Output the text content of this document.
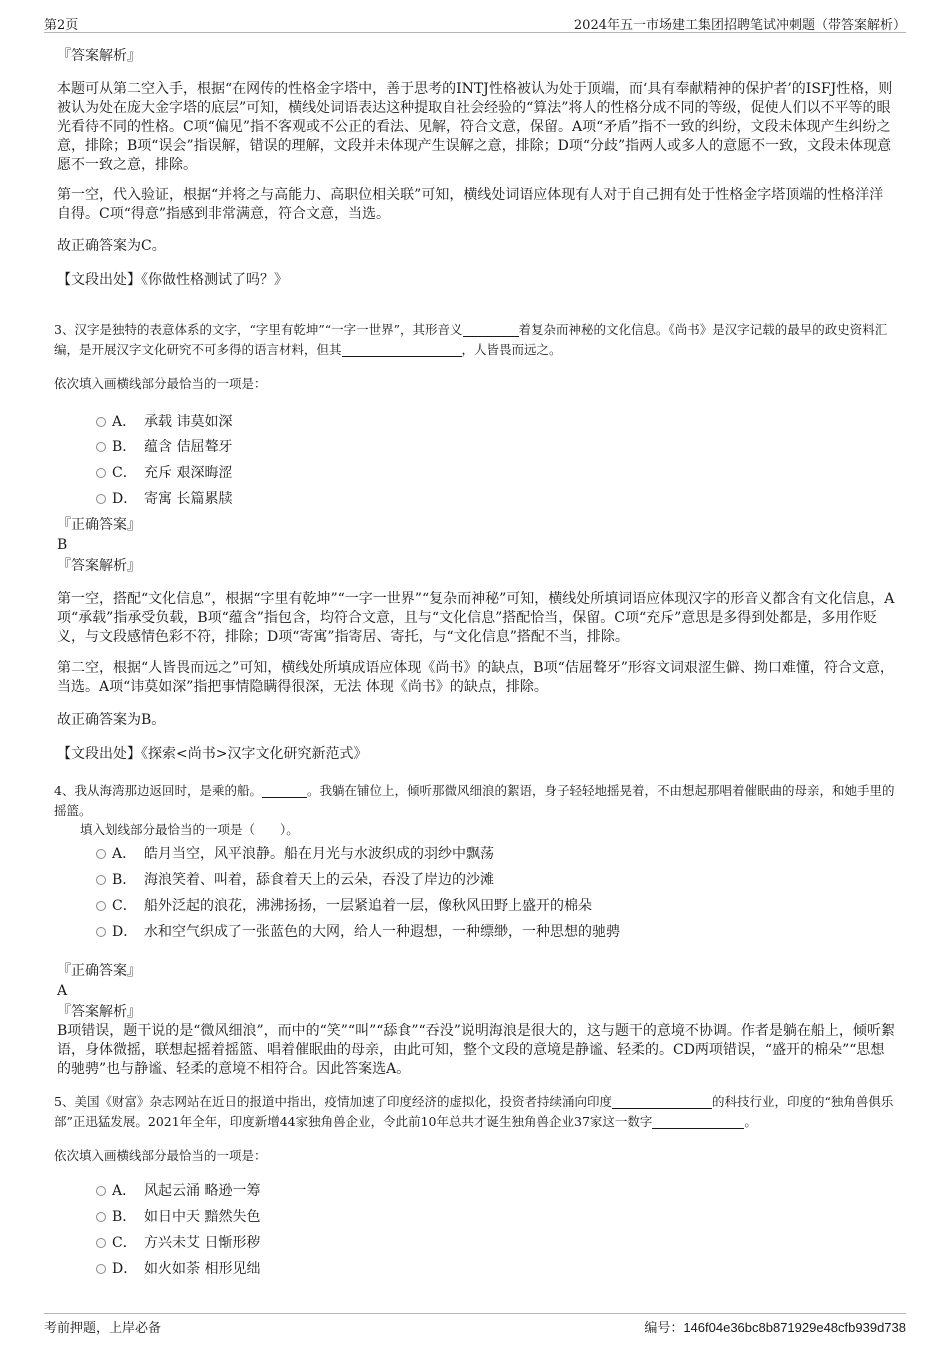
第2页	2024年五一市场建工集团招聘笔试冲刺题（带答案解析）

『答案解析』

本题可从第二空入手，根据“在网传的性格金字塔中，善于思考的INTJ性格被认为处于顶端，而‘具有奉献精神的保护者’的ISFJ性格，则被认为处在庞大金字塔的底层”可知，横线处词语表达这种提取自社会经验的“算法”将人的性格分成不同的等级，促使人们以不平等的眼光看待不同的性格。C项“偏见”指不客观或不公正的看法、见解，符合文意，保留。A项“矛盾”指不一致的纠纷，文段未体现产生纠纷之意，排除；B项“误会”指误解，错误的理解，文段并未体现产生误解之意，排除；D项“分歧”指两人或多人的意愿不一致，文段未体现意愿不一致之意，排除。

第一空，代入验证，根据“并将之与高能力、高职位相关联”可知，横线处词语应体现有人对于自己拥有处于性格金字塔顶端的性格洋洋自得。C项“得意”指感到非常满意，符合文意，当选。

故正确答案为C。

【文段出处】《你做性格测试了吗？》

3、汉字是独特的表意体系的文字，“字里有乾坤”“一字一世界”，其形音义	着复杂而神秘的文化信息。《尚书》是汉字记载的最早的政史资料汇编，是开展汉字文化研究不可多得的语言材料，但其	，人皆畏而远之。

依次填入画横线部分最恰当的一项是：

A． 承载 讳莫如深
B． 蕴含 佶屈聱牙
C． 充斥 艰深晦涩
D． 寄寓 长篇累牍

『正确答案』

B

『答案解析』

第一空，搭配“文化信息”，根据“字里有乾坤”“一字一世界”“复杂而神秘”可知，横线处所填词语应体现汉字的形音义都含有文化信息，A项“承载”指承受负载，B项“蕴含”指包含，均符合文意，且与“文化信息”搭配恰当，保留。C项“充斥”意思是多得到处都是，多用作贬义，与文段感情色彩不符，排除；D项“寄寓”指寄居、寄托，与“文化信息”搭配不当，排除。

第二空，根据“人皆畏而远之”可知，横线处所填成语应体现《尚书》的缺点，B项“佶屈聱牙”形容文词艰涩生僻、拗口难懂，符合文意，当选。A项“讳莫如深”指把事情隐瞒得很深，无法 体现《尚书》的缺点，排除。

故正确答案为B。

【文段出处】《探索<尚书>汉字文化研究新范式》

4、我从海湾那边返回时，是乘的船。	。我躺在铺位上，倾听那微风细浪的絮语，身子轻轻地摇晃着，不由想起那唱着催眠曲的母亲，和她手里的摇篮。

填入划线部分最恰当的一项是（　　）。

A． 皓月当空，风平浪静。船在月光与水波织成的羽纱中飘荡
B． 海浪笑着、叫着，舔食着天上的云朵，吞没了岸边的沙滩
C． 船外泛起的浪花，沸沸扬扬，一层紧追着一层，像秋风田野上盛开的棉朵
D． 水和空气织成了一张蓝色的大网，给人一种遐想，一种缥缈，一种思想的驰骋

『正确答案』

A

『答案解析』

B项错误，题干说的是“微风细浪”，而中的“笑”“叫”“舔食”“吞没”说明海浪是很大的，这与题干的意境不协调。作者是躺在船上，倾听絮语，身体微摇，联想起摇着摇篮、唱着催眠曲的母亲，由此可知，整个文段的意境是静谧、轻柔的。CD两项错误，“盛开的棉朵”“思想的驰骋”也与静谧、轻柔的意境不相符合。因此答案选A。

5、美国《财富》杂志网站在近日的报道中指出，疫情加速了印度经济的虚拟化，投资者持续涌向印度	的科技行业，印度的“独角兽俱乐部”正迅猛发展。2021年全年，印度新增44家独角兽企业，令此前10年总共才诞生独角兽企业37家这一数字	。

依次填入画横线部分最恰当的一项是：

A． 风起云涌 略逊一筹
B． 如日中天 黯然失色
C． 方兴未艾 日惭形秽
D． 如火如荼 相形见绌
考前押题，上岸必备	编号：146f04e36bc8b871929e48cfb939d738
